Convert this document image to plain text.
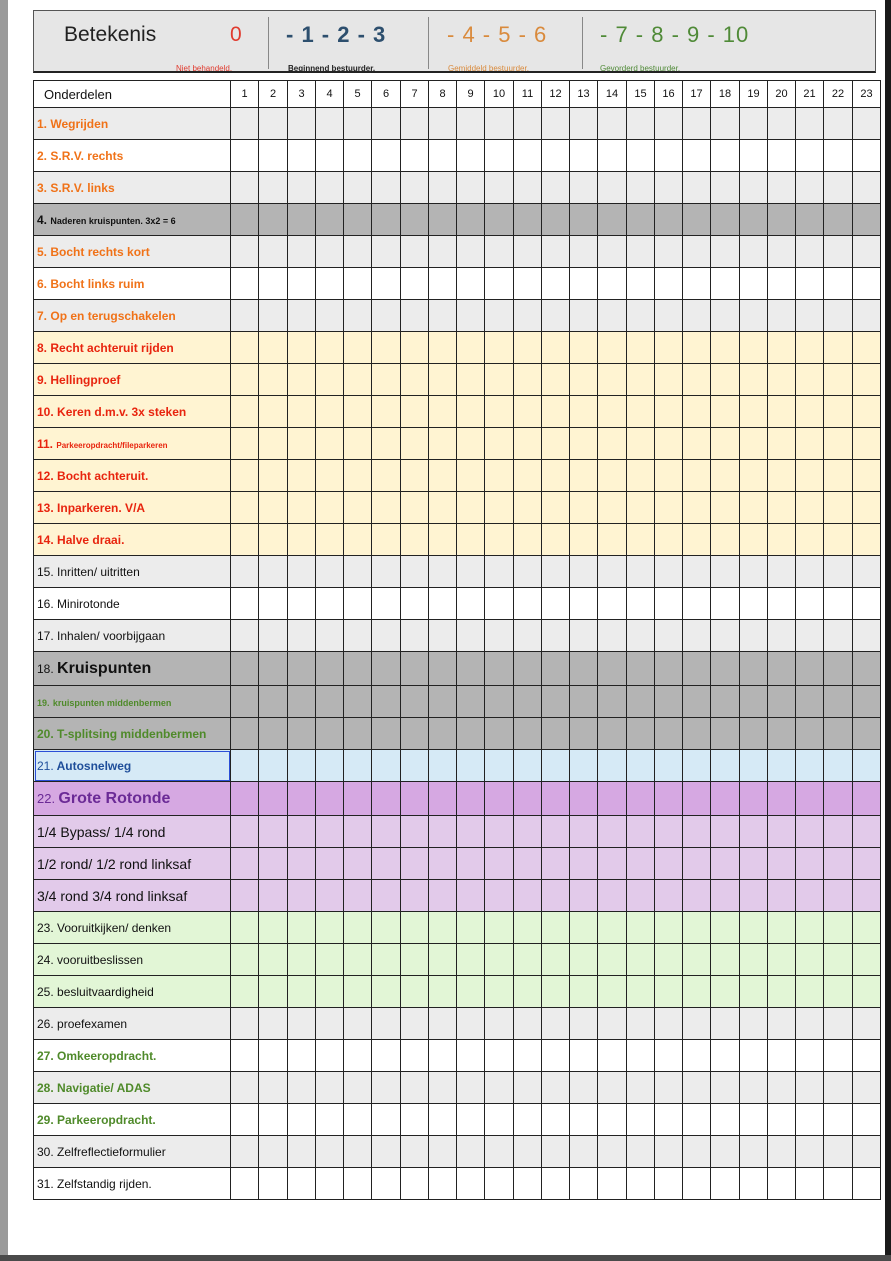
Betekenis	0
Niet behandeld.
- 1 - 2 - 3
Beginnend bestuurder.
- 4 - 5 - 6
Gemiddeld bestuurder.
- 7 - 8 - 9 - 10
Gevorderd bestuurder.
Onderdelen	1	2	3	4	5	6	7	8	9	10	11	12	13	14	15	16	17	18	19	20	21	22	23
1. Wegrijden																							
2. S.R.V. rechts																							
3. S.R.V. links																							
4. Naderen kruispunten. 3x2 = 6																							
5. Bocht rechts kort																							
6. Bocht links ruim																							
7. Op en terugschakelen																							
8. Recht achteruit rijden																							
9. Hellingproef																							
10. Keren d.m.v. 3x steken																							
11. Parkeeropdracht/fileparkeren																							
12. Bocht achteruit.																							
13. Inparkeren. V/A																							
14. Halve draai.																							
15. Inritten/ uitritten																							
16. Minirotonde																							
17. Inhalen/ voorbijgaan																							
18. Kruispunten																							
19. kruispunten middenbermen																							
20. T-splitsing middenbermen																							
21. Autosnelweg																							
22. Grote Rotonde																							
1/4 Bypass/ 1/4 rond																							
1/2 rond/ 1/2 rond linksaf																							
3/4 rond 3/4 rond linksaf																							
23. Vooruitkijken/ denken																							
24. vooruitbeslissen																							
25. besluitvaardigheid																							
26. proefexamen																							
27. Omkeeropdracht.																							
28. Navigatie/ ADAS																							
29. Parkeeropdracht.																							
30. Zelfreflectieformulier																							
31. Zelfstandig rijden.																							
